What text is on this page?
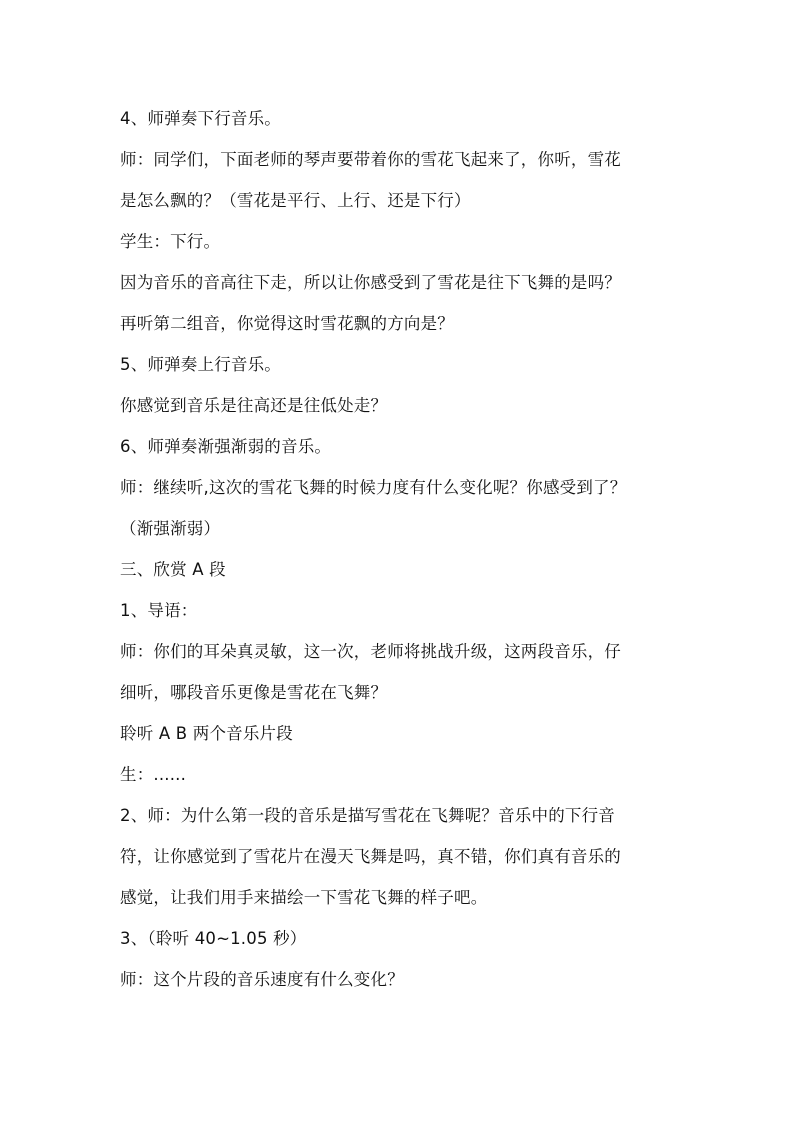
4、师弹奏下行音乐。

师：同学们，下面老师的琴声要带着你的雪花飞起来了，你听，雪花

是怎么飘的？（雪花是平行、上行、还是下行）

学生：下行。

因为音乐的音高往下走，所以让你感受到了雪花是往下飞舞的是吗？

再听第二组音，你觉得这时雪花飘的方向是？

5、师弹奏上行音乐。

你感觉到音乐是往高还是往低处走？

6、师弹奏渐强渐弱的音乐。

师：继续听,这次的雪花飞舞的时候力度有什么变化呢？你感受到了？

（渐强渐弱）

三、欣赏 A 段

1、导语：

师：你们的耳朵真灵敏，这一次，老师将挑战升级，这两段音乐，仔

细听，哪段音乐更像是雪花在飞舞？

聆听 A B 两个音乐片段

生：......

2、师：为什么第一段的音乐是描写雪花在飞舞呢？音乐中的下行音

符，让你感觉到了雪花片在漫天飞舞是吗，真不错，你们真有音乐的

感觉，让我们用手来描绘一下雪花飞舞的样子吧。

3、（聆听 40~1.05 秒）

师：这个片段的音乐速度有什么变化？
